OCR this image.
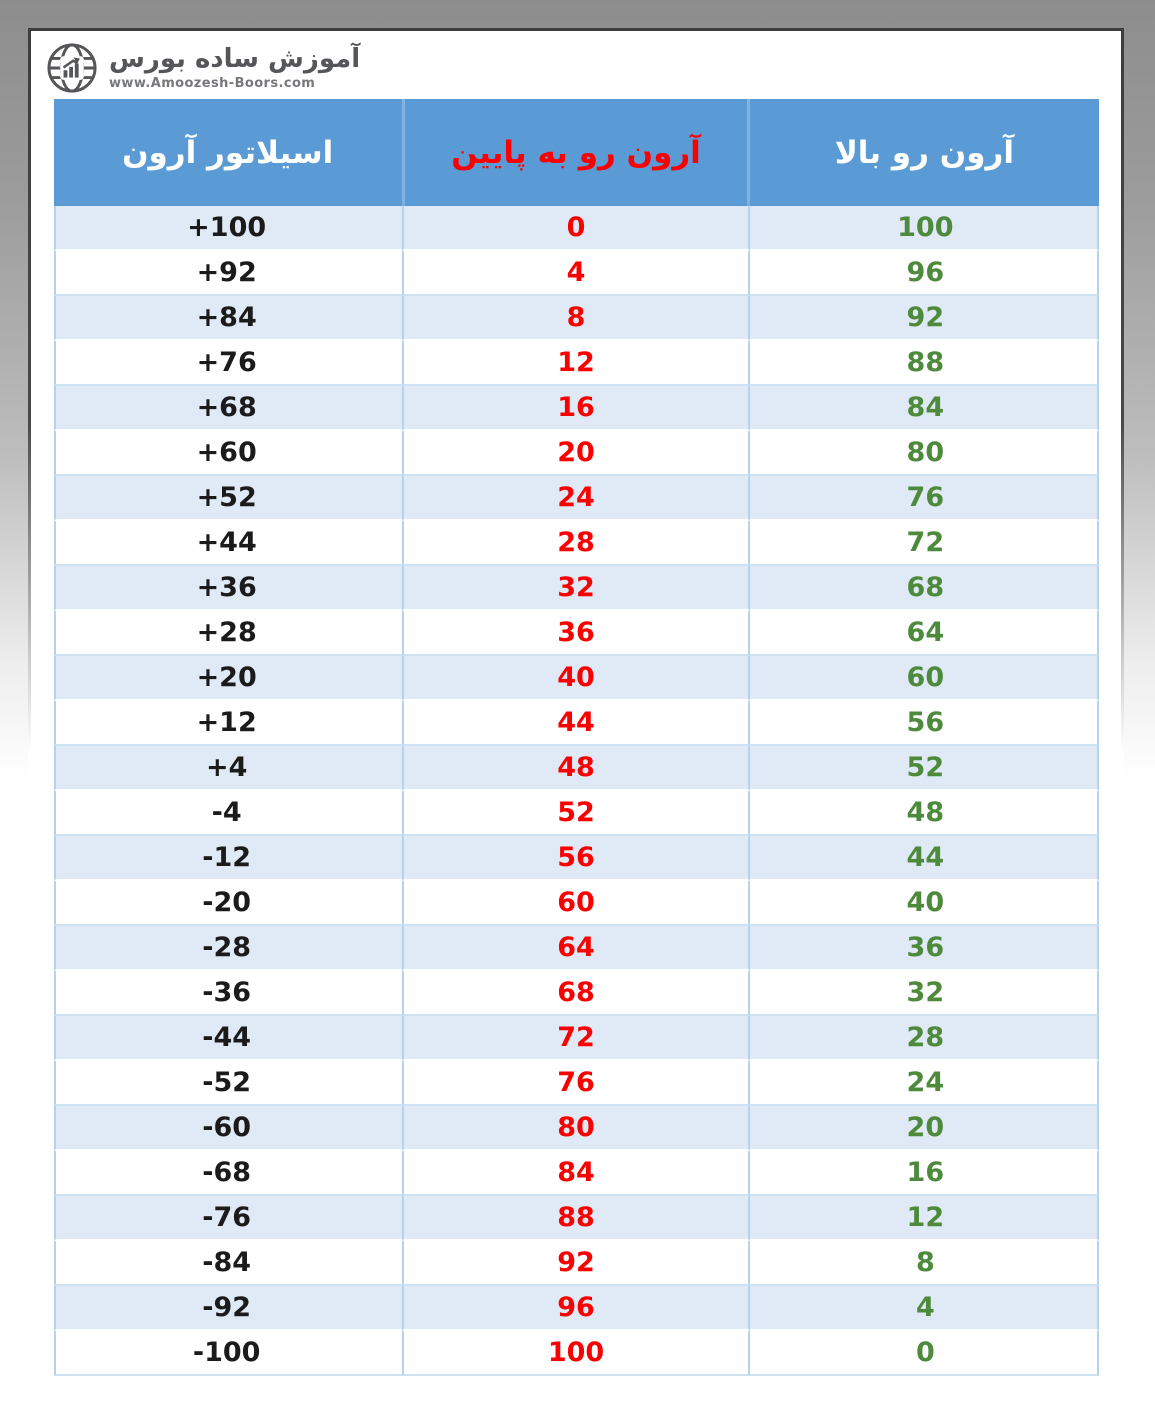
آموزش ساده بورس
www.Amoozesh-Boors.com
آرون رو بالا	آرون رو به پایین	اسیلاتور آرون
100	0	+100
96	4	+92
92	8	+84
88	12	+76
84	16	+68
80	20	+60
76	24	+52
72	28	+44
68	32	+36
64	36	+28
60	40	+20
56	44	+12
52	48	+4
48	52	-4
44	56	-12
40	60	-20
36	64	-28
32	68	-36
28	72	-44
24	76	-52
20	80	-60
16	84	-68
12	88	-76
8	92	-84
4	96	-92
0	100	-100
